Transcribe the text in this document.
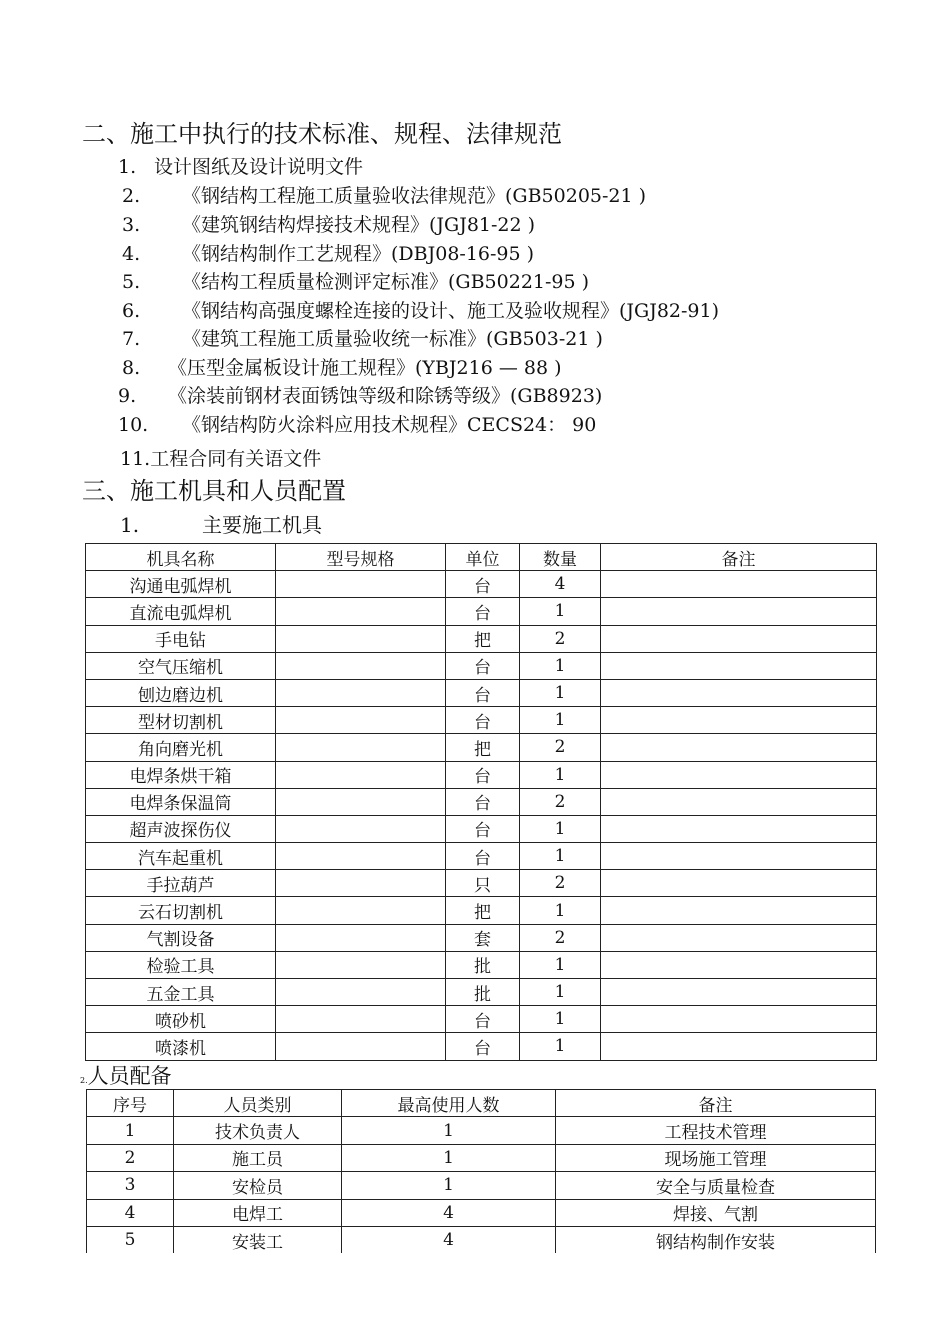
二、施工中执行的技术标准、规程、法律规范
1. 设计图纸及设计说明文件
2. 《钢结构工程施工质量验收法律规范》(GB50205-21 )
3. 《建筑钢结构焊接技术规程》(JGJ81-22 )
4. 《钢结构制作工艺规程》(DBJ08-16-95 )
5. 《结构工程质量检测评定标准》(GB50221-95 )
6. 《钢结构高强度螺栓连接的设计、施工及验收规程》(JGJ82-91)
7. 《建筑工程施工质量验收统一标准》(GB503-21 )
8. 《压型金属板设计施工规程》(YBJ216 — 88 )
9. 《涂装前钢材表面锈蚀等级和除锈等级》(GB8923)
10. 《钢结构防火涂料应用技术规程》CECS24： 90
11.工程合同有关语文件
三、施工机具和人员配置
1.	主要施工机具
机具名称	型号规格	单位	数量	备注
沟通电弧焊机		台	4	
直流电弧焊机		台	1	
手电钻		把	2	
空气压缩机		台	1	
刨边磨边机		台	1	
型材切割机		台	1	
角向磨光机		把	2	
电焊条烘干箱		台	1	
电焊条保温筒		台	2	
超声波探伤仪		台	1	
汽车起重机		台	1	
手拉葫芦		只	2	
云石切割机		把	1	
气割设备		套	2	
检验工具		批	1	
五金工具		批	1	
喷砂机		台	1	
喷漆机		台	1	
2.人员配备
序号	人员类别	最高使用人数	备注
1	技术负责人	1	工程技术管理
2	施工员	1	现场施工管理
3	安检员	1	安全与质量检查
4	电焊工	4	焊接、气割
5	安装工	4	钢结构制作安装
